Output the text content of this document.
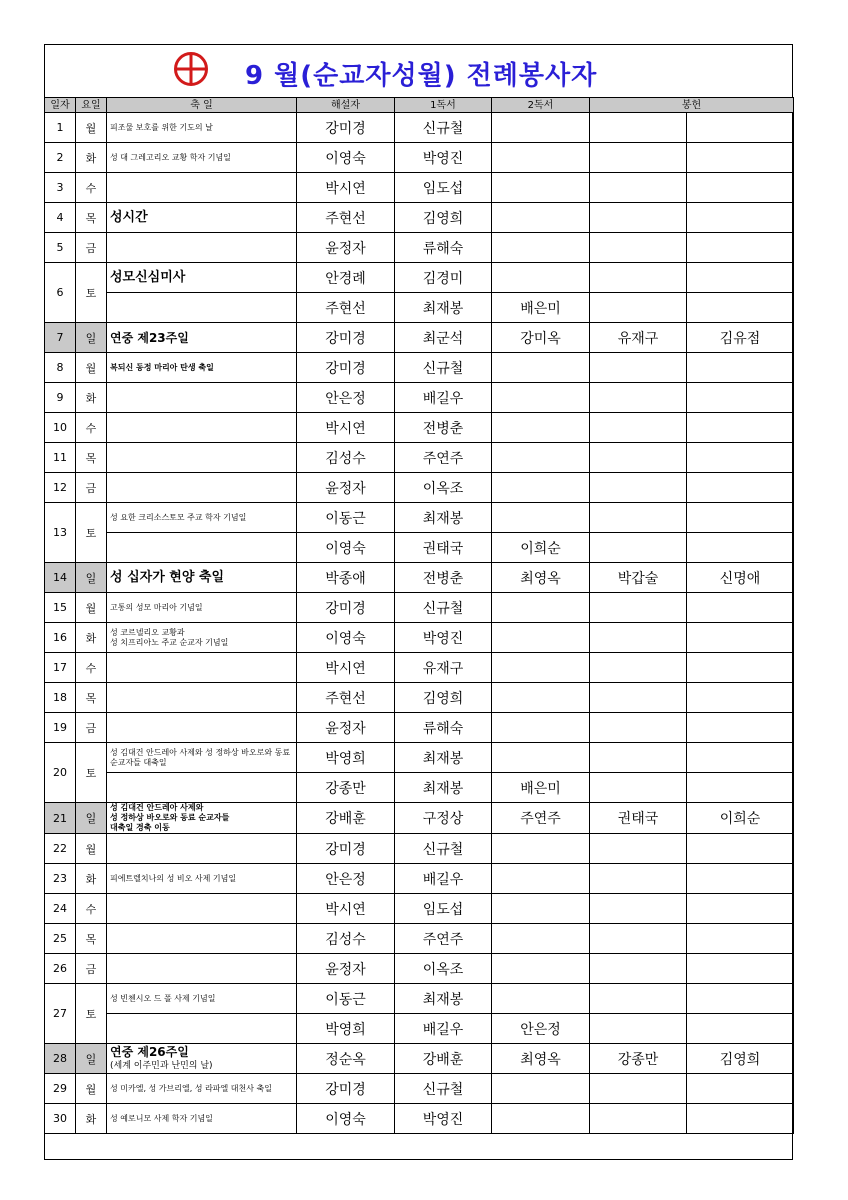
9 월(순교자성월) 전례봉사자
일자	요일	축 일	해설자	1독서	2독서	봉헌	
1	월	피조물 보호를 위한 기도의 날	강미경	신규철			
2	화	성 대 그레고리오 교황 학자 기념일	이영숙	박영진			
3	수		박시연	임도섭			
4	목	성시간	주현선	김영희			
5	금		윤정자	류해숙			
6	토	성모신심미사	안경례	김경미			
			주현선	최재봉	배은미		
7	일	연중 제23주일	강미경	최군석	강미옥	유재구	김유점
8	월	복되신 동정 마리아 탄생 축일	강미경	신규철			
9	화		안은정	배길우			
10	수		박시연	전병춘			
11	목		김성수	주연주			
12	금		윤정자	이옥조			
13	토	성 요한 크리소스토모 주교 학자 기념일	이동근	최재봉			
			이영숙	권태국	이희순		
14	일	성 십자가 현양 축일	박종애	전병춘	최영옥	박갑술	신명애
15	월	고통의 성모 마리아 기념일	강미경	신규철			
16	화	성 코르넬리오 교황과
성 치프리아노 주교 순교자 기념일	이영숙	박영진			
17	수		박시연	유재구			
18	목		주현선	김영희			
19	금		윤정자	류해숙			
20	토	성 김대건 안드레아 사제와 성 정하상 바오로와 동료 순교자들 대축일	박영희	최재봉			
			강종만	최재봉	배은미		
21	일	성 김대건 안드레아 사제와
성 정하상 바오로와 동료 순교자들
대축일 경축 이동	강배훈	구정상	주연주	권태국	이희순
22	월		강미경	신규철			
23	화	피에트렐치나의 성 비오 사제 기념일	안은정	배길우			
24	수		박시연	임도섭			
25	목		김성수	주연주			
26	금		윤정자	이옥조			
27	토	성 빈첸시오 드 폴 사제 기념일	이동근	최재봉			
			박영희	배길우	안은정		
28	일	연중 제26주일
(세계 이주민과 난민의 날)	정순옥	강배훈	최영옥	강종만	김영희
29	월	성 미카엘, 성 가브리엘, 성 라파엘 대천사 축일	강미경	신규철			
30	화	성 예로니모 사제 학자 기념일	이영숙	박영진			
